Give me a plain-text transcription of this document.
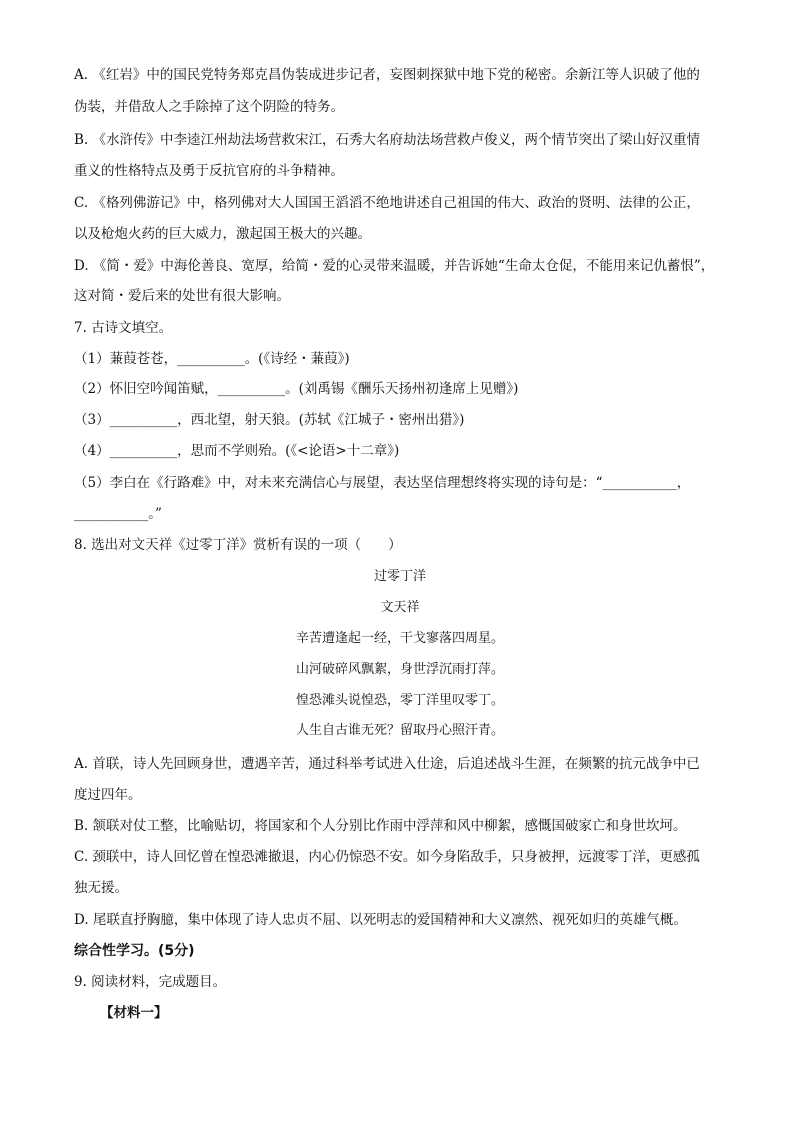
A. 《红岩》中的国民党特务郑克昌伪装成进步记者，妄图刺探狱中地下党的秘密。余新江等人识破了他的
伪装，并借敌人之手除掉了这个阴险的特务。
B. 《水浒传》中李逵江州劫法场营救宋江，石秀大名府劫法场营救卢俊义，两个情节突出了梁山好汉重情
重义的性格特点及勇于反抗官府的斗争精神。
C. 《格列佛游记》中，格列佛对大人国国王滔滔不绝地讲述自己祖国的伟大、政治的贤明、法律的公正，
以及枪炮火药的巨大威力，激起国王极大的兴趣。
D. 《简・爱》中海伦善良、宽厚，给简・爱的心灵带来温暖，并告诉她“生命太仓促，不能用来记仇蓄恨”，
这对简・爱后来的处世有很大影响。
7. 古诗文填空。
（1）蒹葭苍苍，__________。(《诗经・蒹葭》)
（2）怀旧空吟闻笛赋，__________。(刘禹锡《酬乐天扬州初逢席上见赠》)
（3）__________，西北望，射天狼。(苏轼《江城子・密州出猎》)
（4）__________，思而不学则殆。(《<论语>十二章》)
（5）李白在《行路难》中，对未来充满信心与展望，表达坚信理想终将实现的诗句是：“___________，
___________。”
8. 选出对文天祥《过零丁洋》赏析有误的一项（　　）
过零丁洋
文天祥
辛苦遭逢起一经，干戈寥落四周星。
山河破碎风飘絮，身世浮沉雨打萍。
惶恐滩头说惶恐，零丁洋里叹零丁。
人生自古谁无死？留取丹心照汗青。
A. 首联，诗人先回顾身世，遭遇辛苦，通过科举考试进入仕途，后追述战斗生涯，在频繁的抗元战争中已
度过四年。
B. 颔联对仗工整，比喻贴切，将国家和个人分别比作雨中浮萍和风中柳絮，感慨国破家亡和身世坎坷。
C. 颈联中，诗人回忆曾在惶恐滩撤退，内心仍惊恐不安。如今身陷敌手，只身被押，远渡零丁洋，更感孤
独无援。
D. 尾联直抒胸臆，集中体现了诗人忠贞不屈、以死明志的爱国精神和大义凛然、视死如归的英雄气概。
综合性学习。(5分)
9. 阅读材料，完成题目。
【材料一】
